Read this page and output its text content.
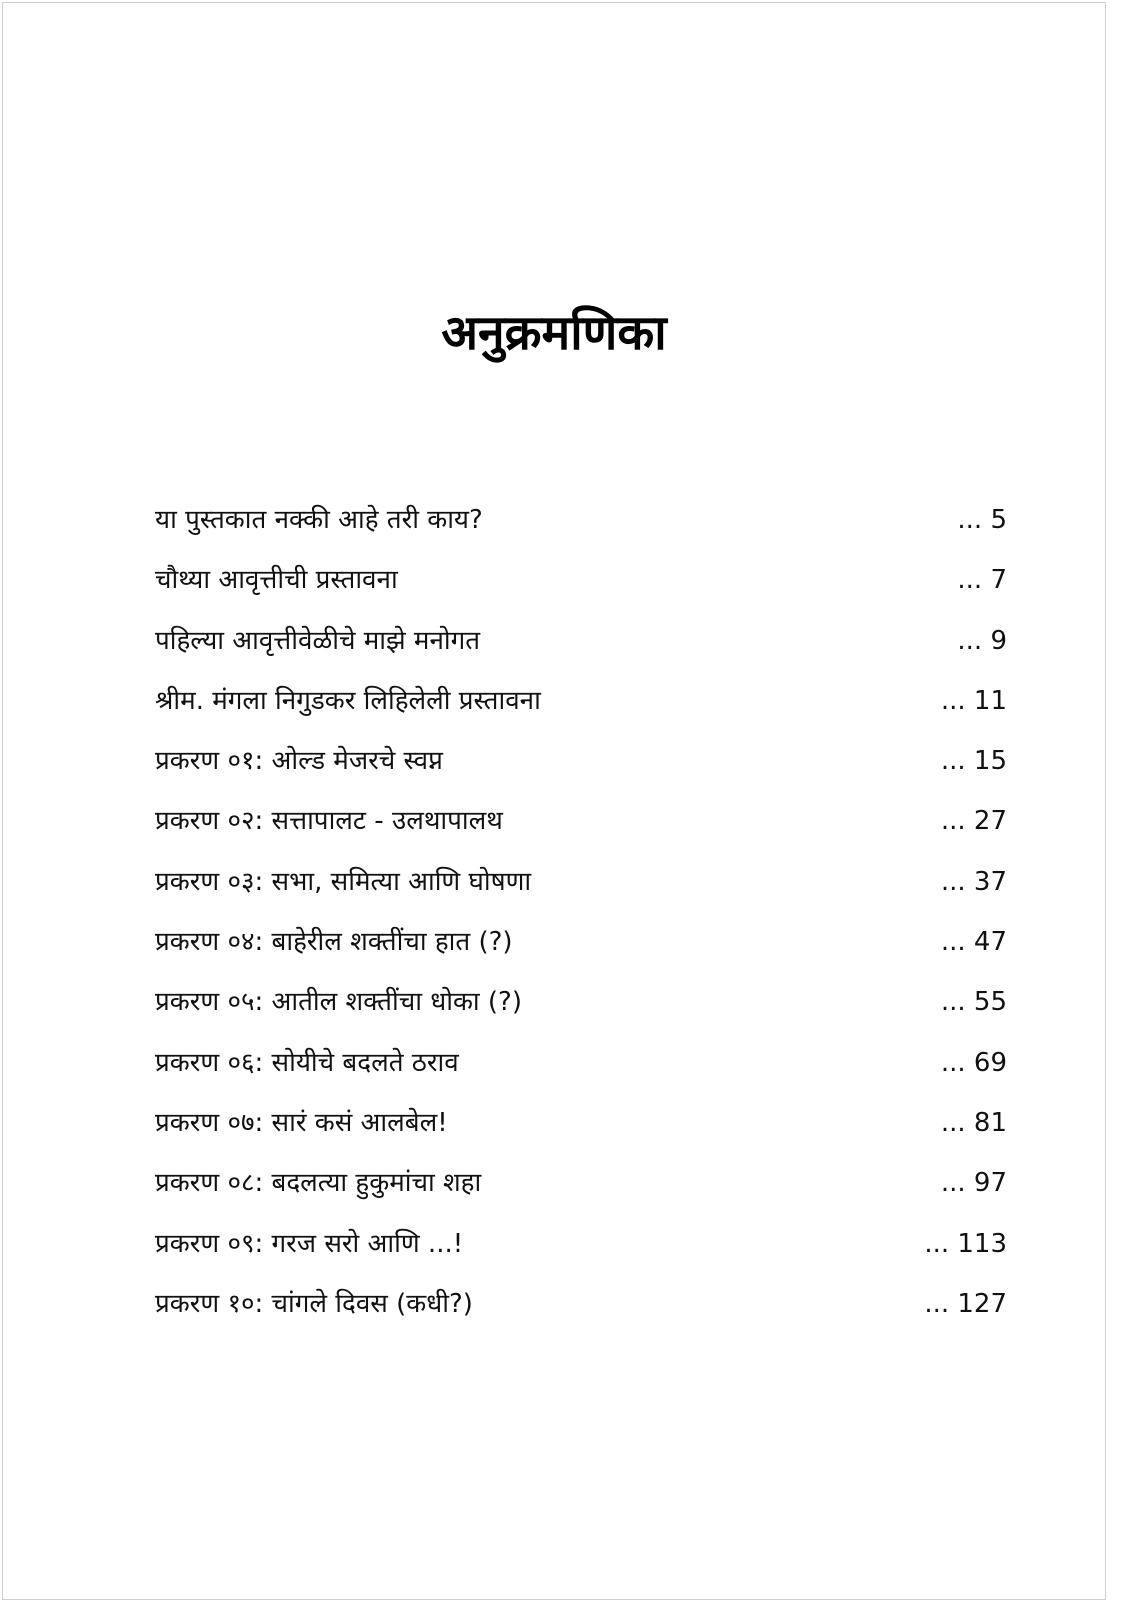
अनुक्रमणिका
या पुस्तकात नक्की आहे तरी काय?	... 5
चौथ्या आवृत्तीची प्रस्तावना	... 7
पहिल्या आवृत्तीवेळीचे माझे मनोगत	... 9
श्रीम. मंगला निगुडकर लिहिलेली प्रस्तावना	... 11
प्रकरण ०१: ओल्ड मेजरचे स्वप्न	... 15
प्रकरण ०२: सत्तापालट - उलथापालथ	... 27
प्रकरण ०३: सभा, समित्या आणि घोषणा	... 37
प्रकरण ०४: बाहेरील शक्तींचा हात (?)	... 47
प्रकरण ०५: आतील शक्तींचा धोका (?)	... 55
प्रकरण ०६: सोयीचे बदलते ठराव	... 69
प्रकरण ०७: सारं कसं आलबेल!	... 81
प्रकरण ०८: बदलत्या हुकुमांचा शहा	... 97
प्रकरण ०९: गरज सरो आणि ...!	... 113
प्रकरण १०: चांगले दिवस (कधी?)	... 127
